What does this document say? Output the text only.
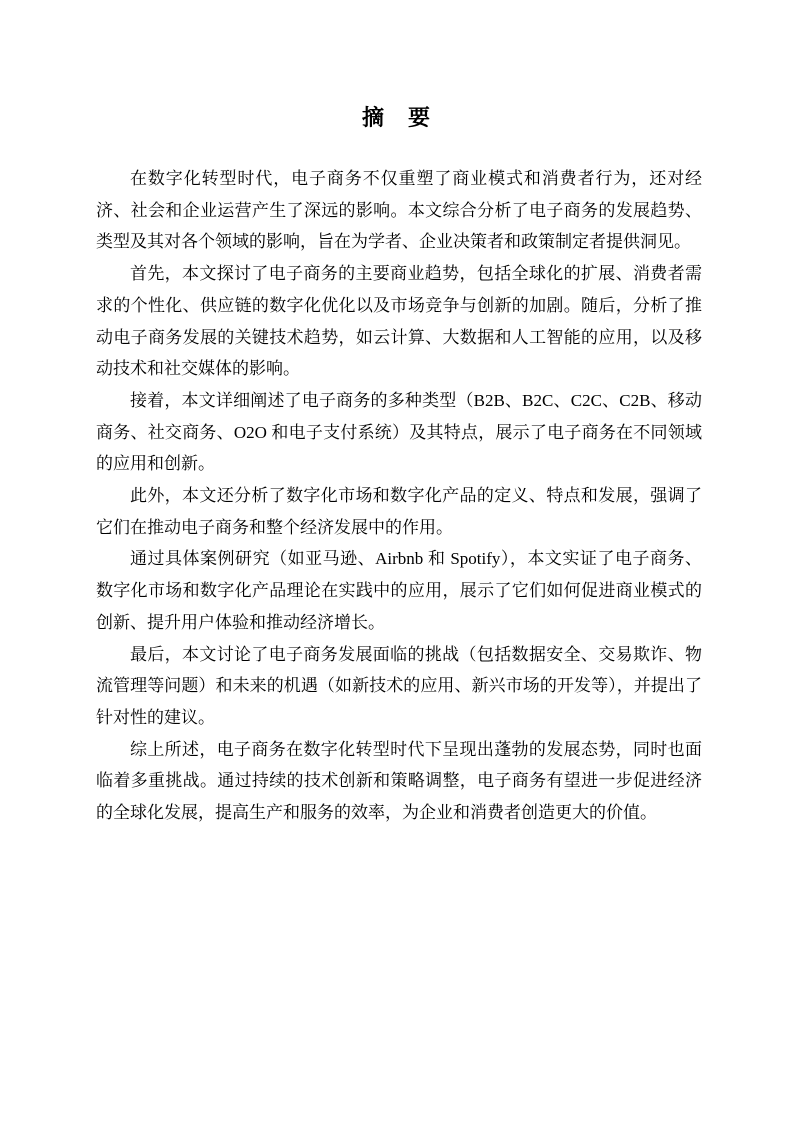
摘　要

在数字化转型时代，电子商务不仅重塑了商业模式和消费者行为，还对经济、社会和企业运营产生了深远的影响。本文综合分析了电子商务的发展趋势、类型及其对各个领域的影响，旨在为学者、企业决策者和政策制定者提供洞见。

首先，本文探讨了电子商务的主要商业趋势，包括全球化的扩展、消费者需求的个性化、供应链的数字化优化以及市场竞争与创新的加剧。随后，分析了推动电子商务发展的关键技术趋势，如云计算、大数据和人工智能的应用，以及移动技术和社交媒体的影响。

接着，本文详细阐述了电子商务的多种类型（B2B、B2C、C2C、C2B、移动商务、社交商务、O2O 和电子支付系统）及其特点，展示了电子商务在不同领域的应用和创新。

此外，本文还分析了数字化市场和数字化产品的定义、特点和发展，强调了它们在推动电子商务和整个经济发展中的作用。

通过具体案例研究（如亚马逊、Airbnb 和 Spotify），本文实证了电子商务、数字化市场和数字化产品理论在实践中的应用，展示了它们如何促进商业模式的创新、提升用户体验和推动经济增长。

最后，本文讨论了电子商务发展面临的挑战（包括数据安全、交易欺诈、物流管理等问题）和未来的机遇（如新技术的应用、新兴市场的开发等），并提出了针对性的建议。

综上所述，电子商务在数字化转型时代下呈现出蓬勃的发展态势，同时也面临着多重挑战。通过持续的技术创新和策略调整，电子商务有望进一步促进经济的全球化发展，提高生产和服务的效率，为企业和消费者创造更大的价值。
